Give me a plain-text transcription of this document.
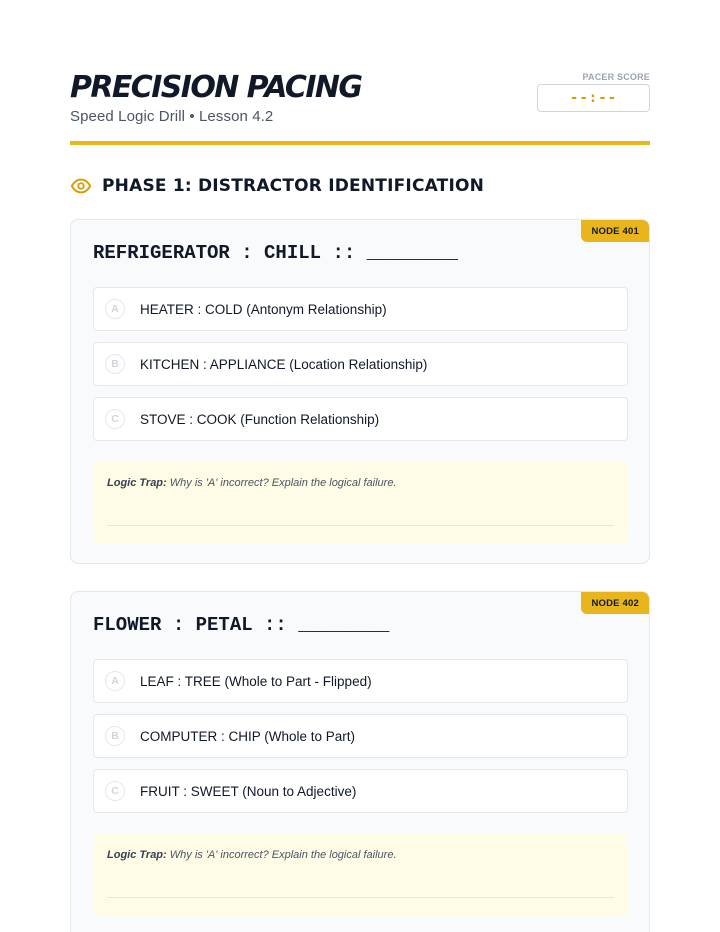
PRECISION PACING
Speed Logic Drill • Lesson 4.2
PACER SCORE
--:--
PHASE 1: DISTRACTOR IDENTIFICATION
NODE 401
REFRIGERATOR : CHILL :: ________
A	HEATER : COLD (Antonym Relationship)
B	KITCHEN : APPLIANCE (Location Relationship)
C	STOVE : COOK (Function Relationship)
Logic Trap: Why is 'A' incorrect? Explain the logical failure.
NODE 402
FLOWER : PETAL :: ________
A	LEAF : TREE (Whole to Part - Flipped)
B	COMPUTER : CHIP (Whole to Part)
C	FRUIT : SWEET (Noun to Adjective)
Logic Trap: Why is 'A' incorrect? Explain the logical failure.
